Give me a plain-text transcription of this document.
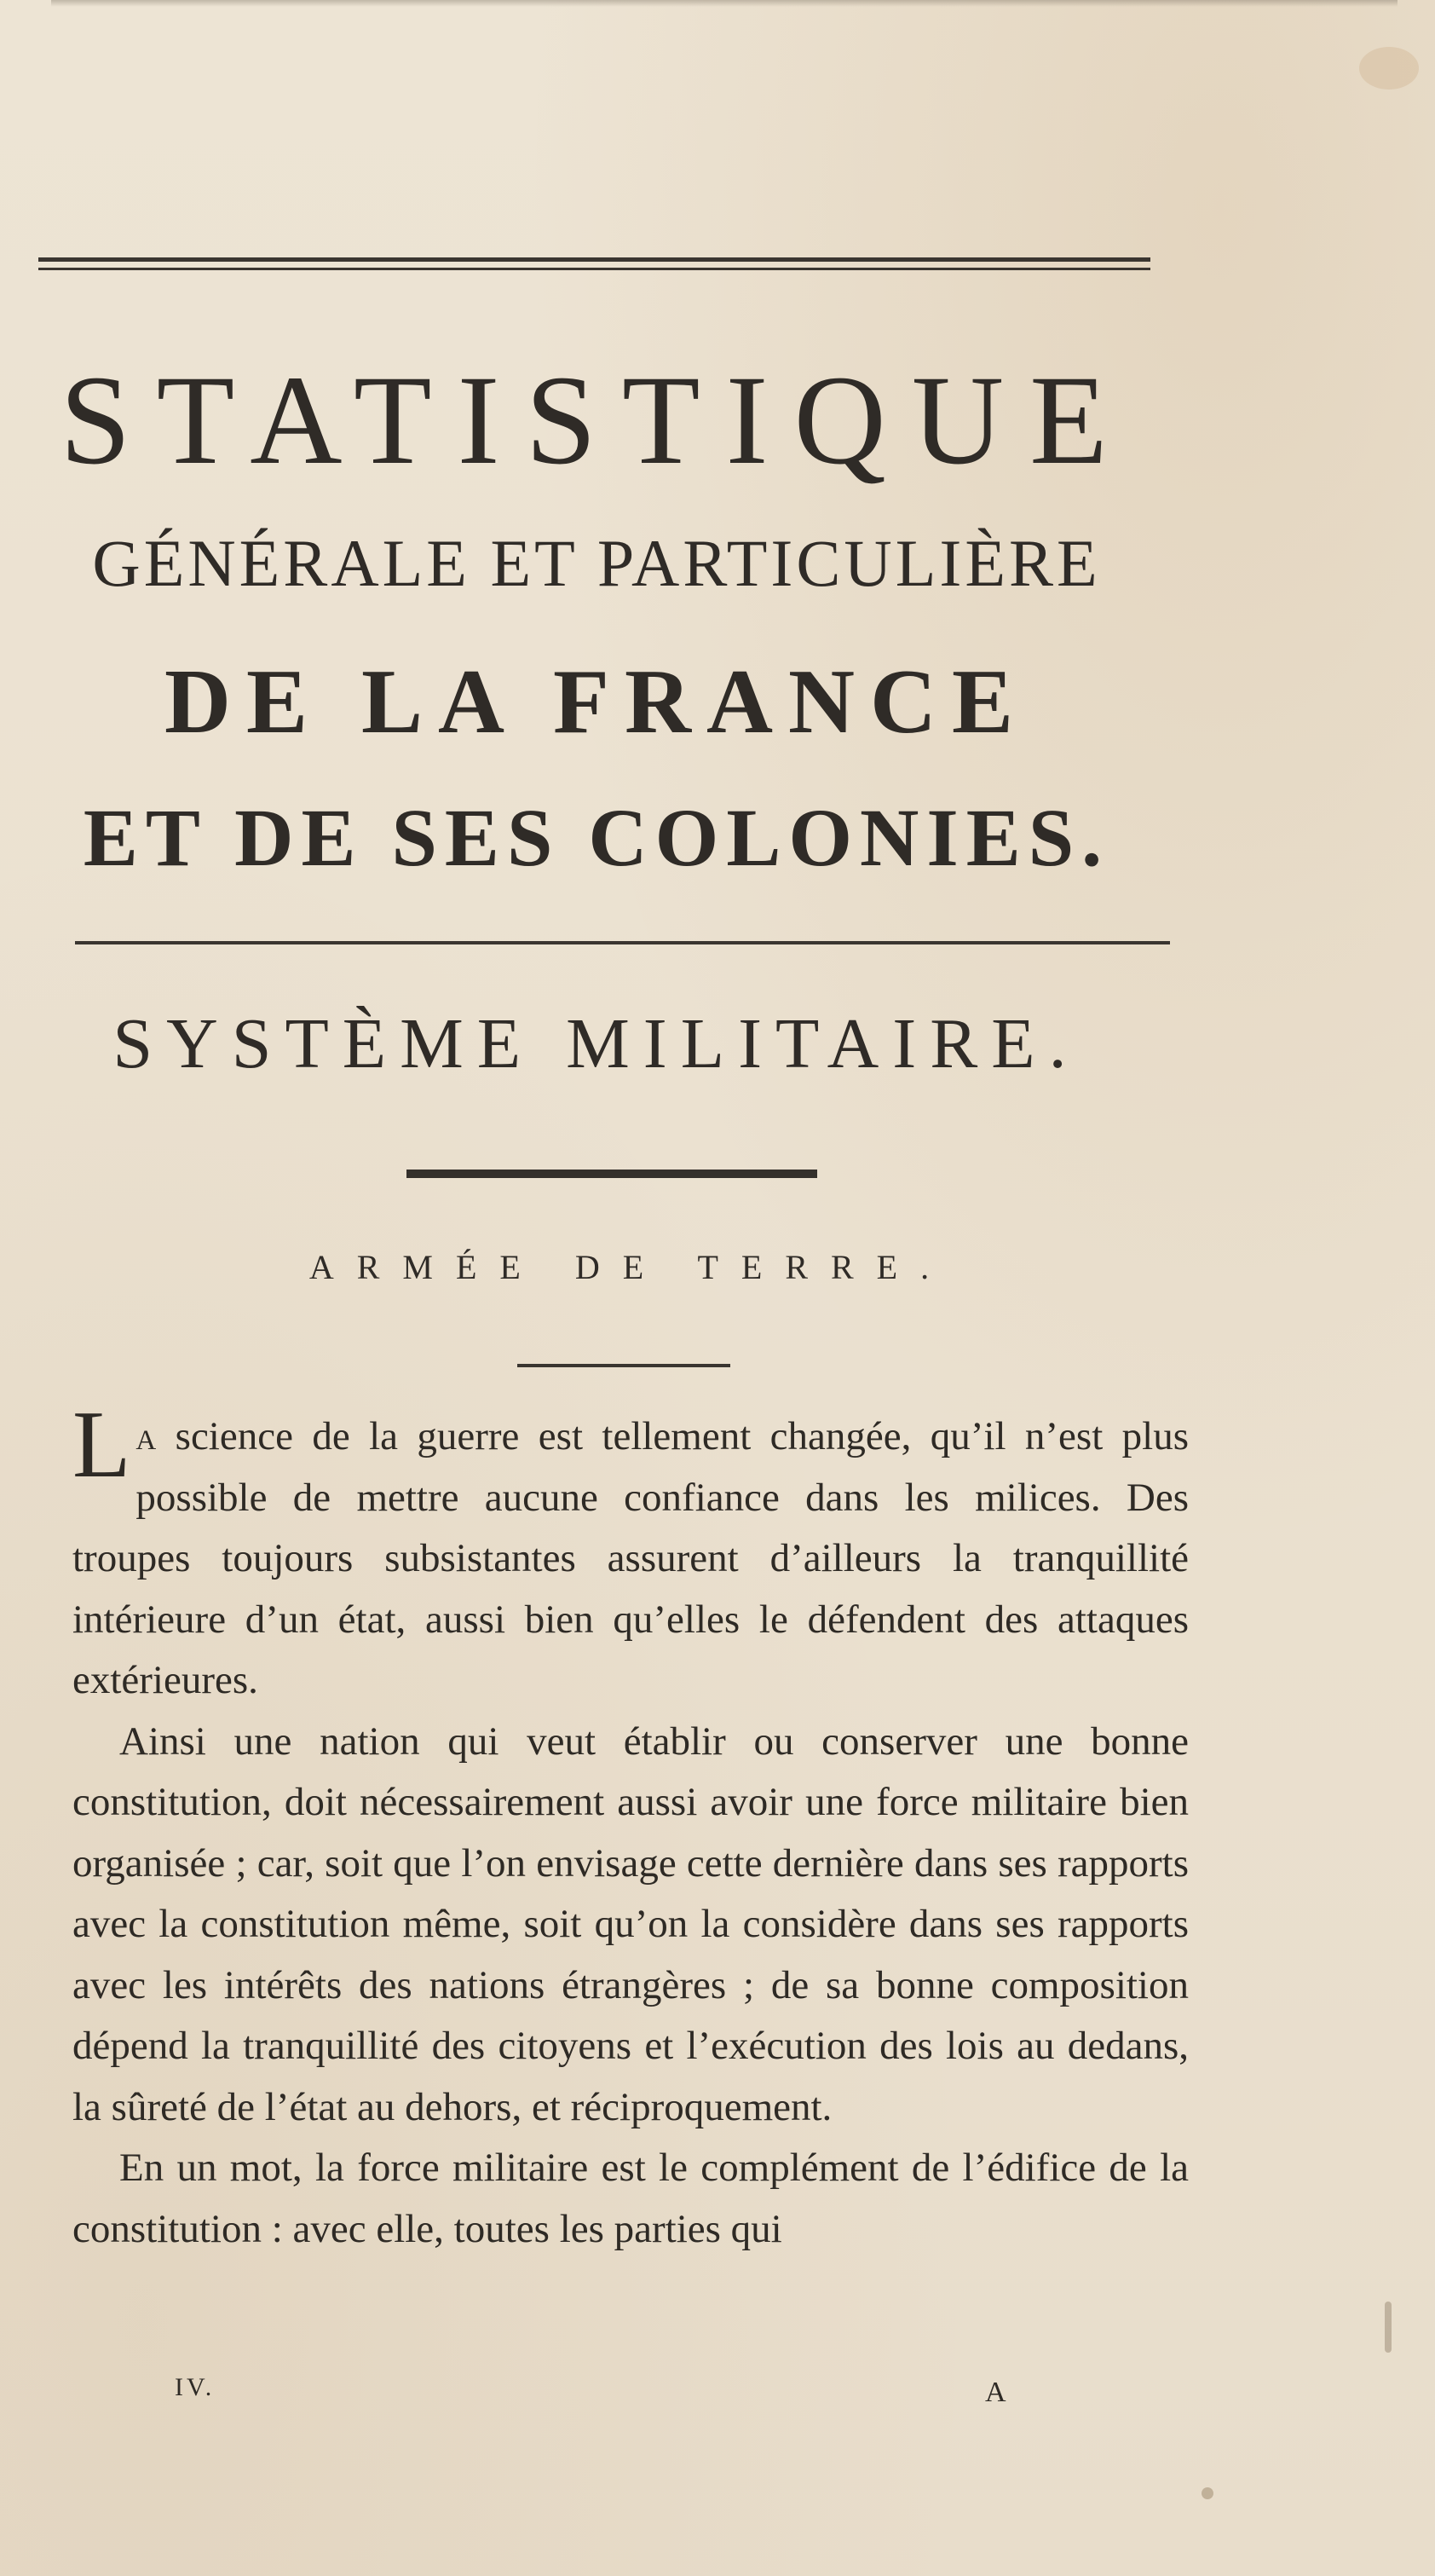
STATISTIQUE
GÉNÉRALE ET PARTICULIÈRE
DE LA FRANCE
ET DE SES COLONIES.
SYSTÈME MILITAIRE.
ARMÉE DE TERRE.

La science de la guerre est tellement changée, qu’il n’est plus possible de mettre aucune confiance dans les milices. Des troupes toujours subsistantes assurent d’ailleurs la tranquillité intérieure d’un état, aussi bien qu’elles le défendent des attaques extérieures.

Ainsi une nation qui veut établir ou conserver une bonne constitution, doit nécessairement aussi avoir une force militaire bien organisée ; car, soit que l’on envisage cette dernière dans ses rapports avec la constitution même, soit qu’on la considère dans ses rapports avec les intérêts des nations étrangères ; de sa bonne composition dépend la tranquillité des citoyens et l’exécution des lois au dedans, la sûreté de l’état au dehors, et réciproquement.

En un mot, la force militaire est le complément de l’édifice de la constitution : avec elle, toutes les parties qui

IV.	A
